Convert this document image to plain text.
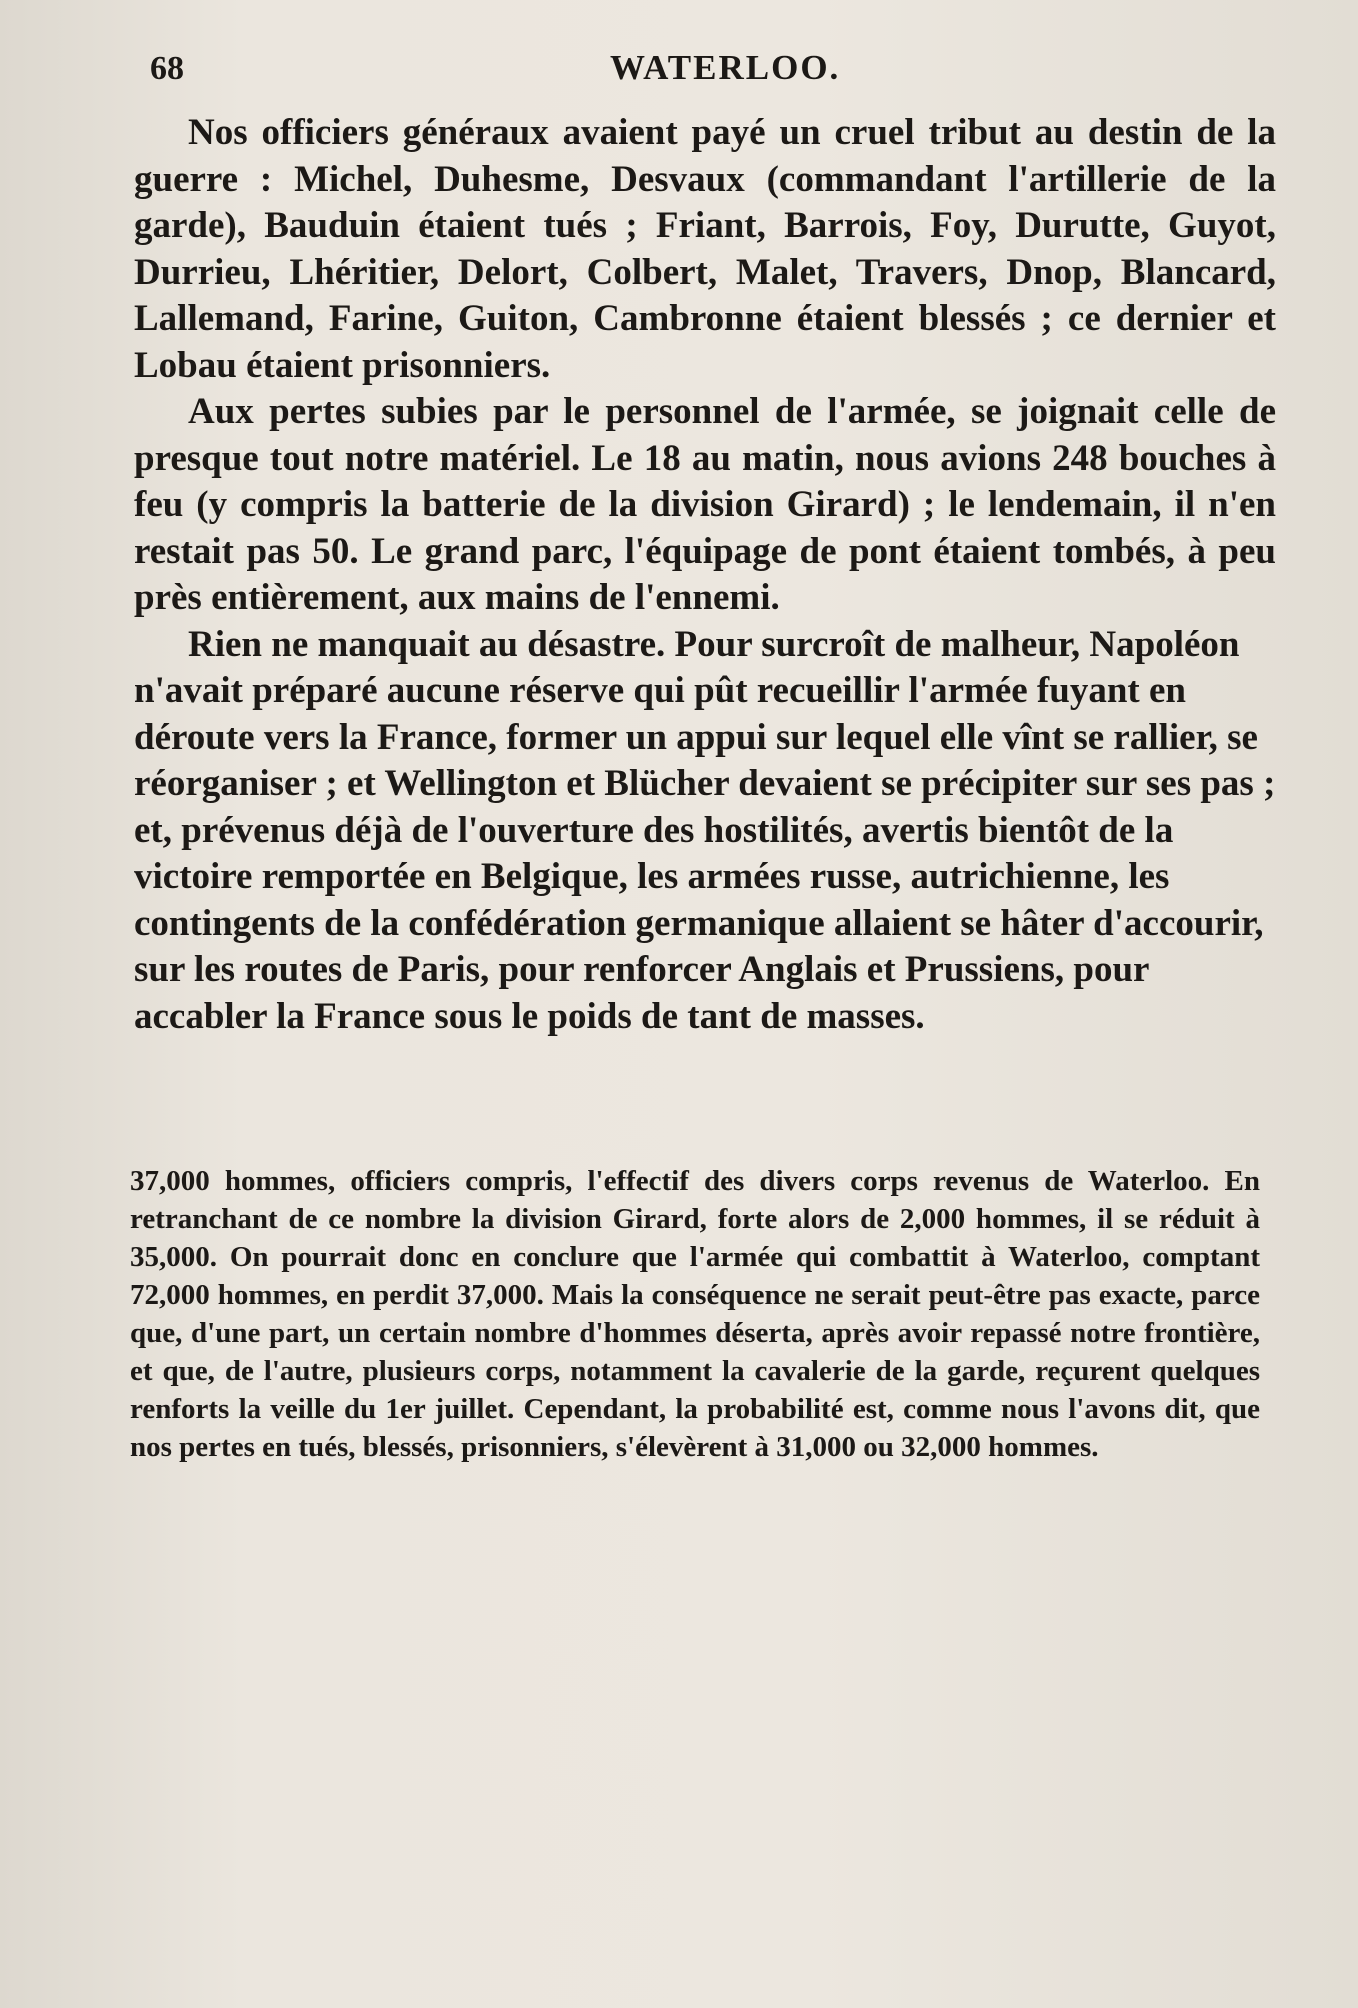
68	WATERLOO.

Nos officiers généraux avaient payé un cruel tribut au destin de la guerre : Michel, Duhesme, Desvaux (commandant l'artillerie de la garde), Bauduin étaient tués ; Friant, Barrois, Foy, Durutte, Guyot, Durrieu, Lhéritier, Delort, Colbert, Malet, Travers, Dnop, Blancard, Lallemand, Farine, Guiton, Cambronne étaient blessés ; ce dernier et Lobau étaient prisonniers.

Aux pertes subies par le personnel de l'armée, se joignait celle de presque tout notre matériel. Le 18 au matin, nous avions 248 bouches à feu (y compris la batterie de la division Girard) ; le lendemain, il n'en restait pas 50. Le grand parc, l'équipage de pont étaient tombés, à peu près entièrement, aux mains de l'ennemi.

Rien ne manquait au désastre. Pour surcroît de malheur, Napoléon n'avait préparé aucune réserve qui pût recueillir l'armée fuyant en déroute vers la France, former un appui sur lequel elle vînt se rallier, se réorganiser ; et Wellington et Blücher devaient se précipiter sur ses pas ; et, prévenus déjà de l'ouverture des hostilités, avertis bientôt de la victoire remportée en Belgique, les armées russe, autrichienne, les contingents de la confédération germanique allaient se hâter d'accourir, sur les routes de Paris, pour renforcer Anglais et Prussiens, pour accabler la France sous le poids de tant de masses.

37,000 hommes, officiers compris, l'effectif des divers corps revenus de Waterloo. En retranchant de ce nombre la division Girard, forte alors de 2,000 hommes, il se réduit à 35,000. On pourrait donc en conclure que l'armée qui combattit à Waterloo, comptant 72,000 hommes, en perdit 37,000. Mais la conséquence ne serait peut-être pas exacte, parce que, d'une part, un certain nombre d'hommes déserta, après avoir repassé notre frontière, et que, de l'autre, plusieurs corps, notamment la cavalerie de la garde, reçurent quelques renforts la veille du 1er juillet. Cependant, la probabilité est, comme nous l'avons dit, que nos pertes en tués, blessés, prisonniers, s'élevèrent à 31,000 ou 32,000 hommes.
